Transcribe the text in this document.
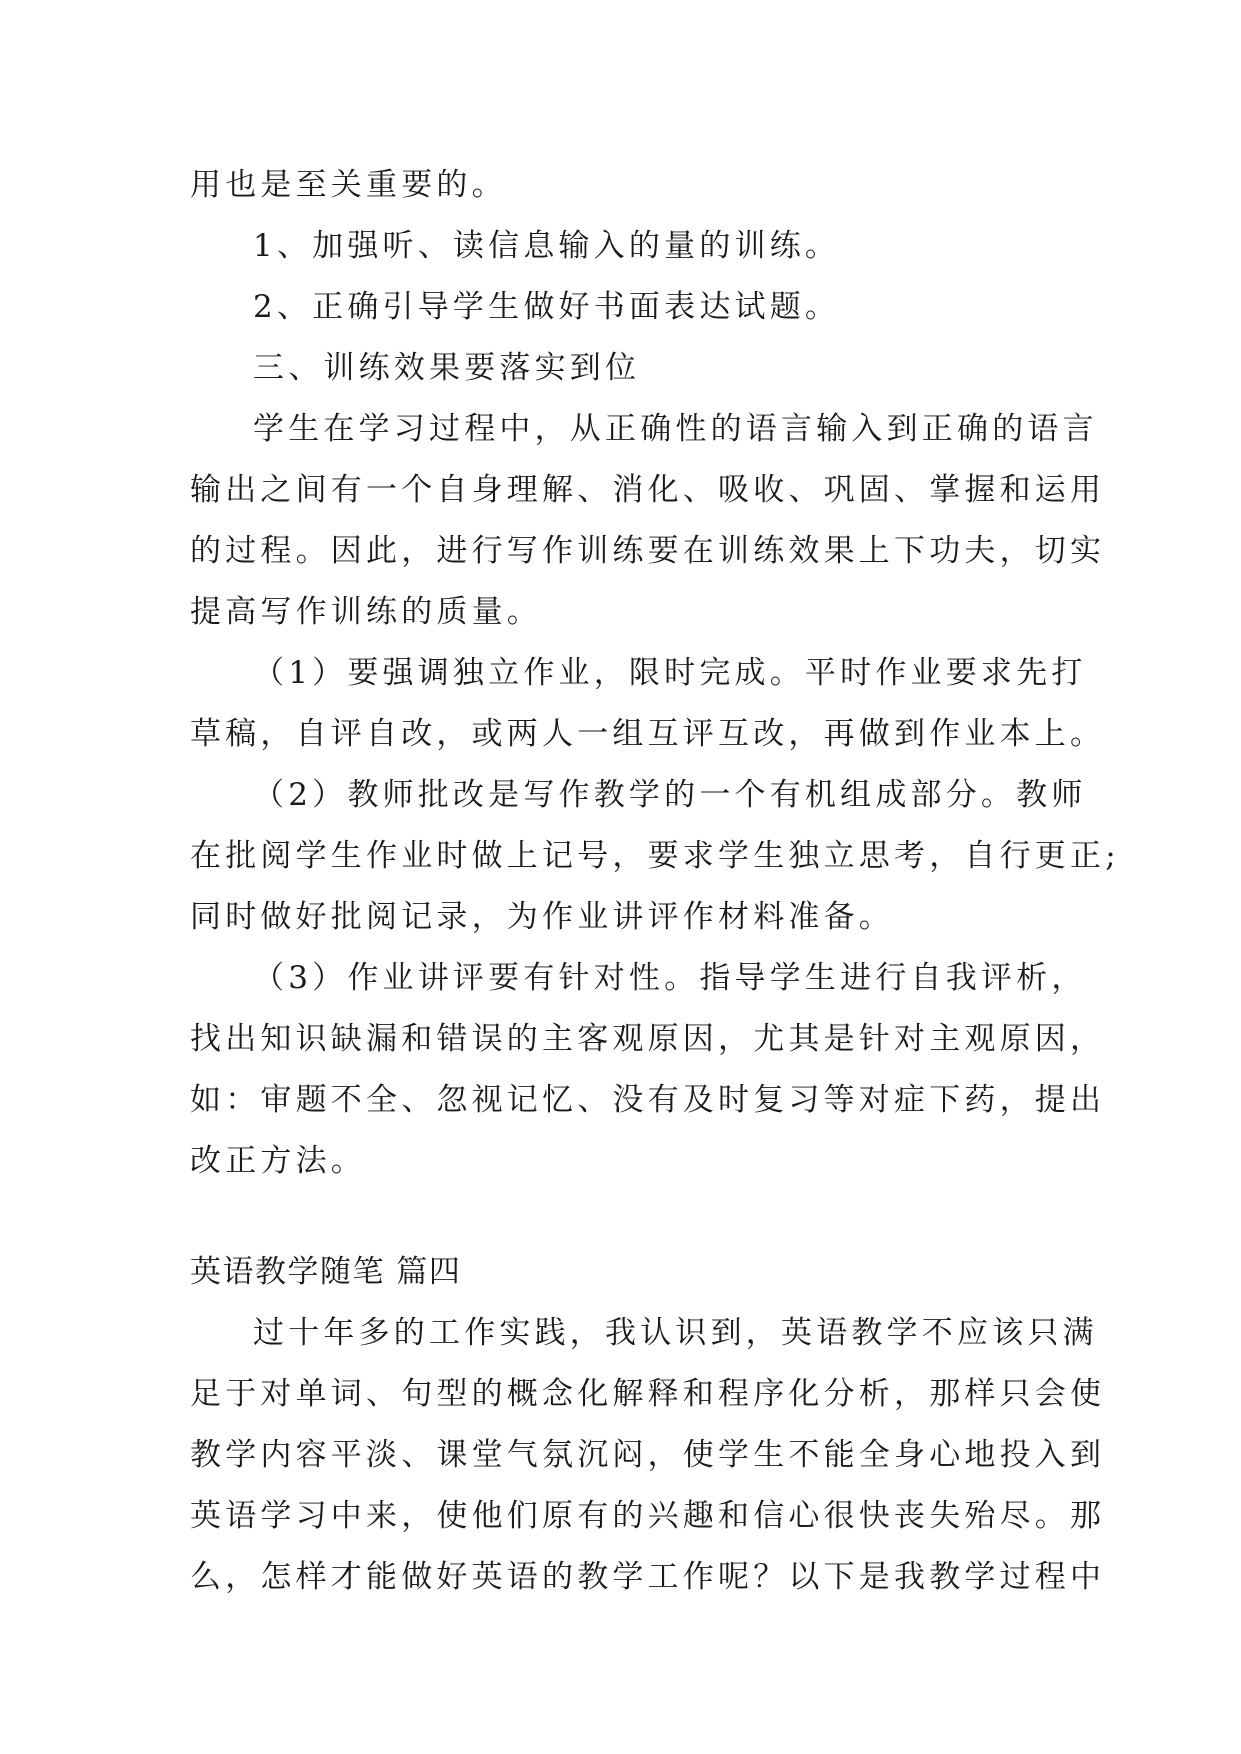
用也是至关重要的。
1、加强听、读信息输入的量的训练。
2、正确引导学生做好书面表达试题。
三、训练效果要落实到位
学生在学习过程中，从正确性的语言输入到正确的语言
输出之间有一个自身理解、消化、吸收、巩固、掌握和运用
的过程。因此，进行写作训练要在训练效果上下功夫，切实
提高写作训练的质量。
（1）要强调独立作业，限时完成。平时作业要求先打
草稿，自评自改，或两人一组互评互改，再做到作业本上。
（2）教师批改是写作教学的一个有机组成部分。教师
在批阅学生作业时做上记号，要求学生独立思考，自行更正;
同时做好批阅记录，为作业讲评作材料准备。
（3）作业讲评要有针对性。指导学生进行自我评析，
找出知识缺漏和错误的主客观原因，尤其是针对主观原因，
如：审题不全、忽视记忆、没有及时复习等对症下药，提出
改正方法。
英语教学随笔 篇四
过十年多的工作实践，我认识到，英语教学不应该只满
足于对单词、句型的概念化解释和程序化分析，那样只会使
教学内容平淡、课堂气氛沉闷，使学生不能全身心地投入到
英语学习中来，使他们原有的兴趣和信心很快丧失殆尽。那
么，怎样才能做好英语的教学工作呢？以下是我教学过程中
